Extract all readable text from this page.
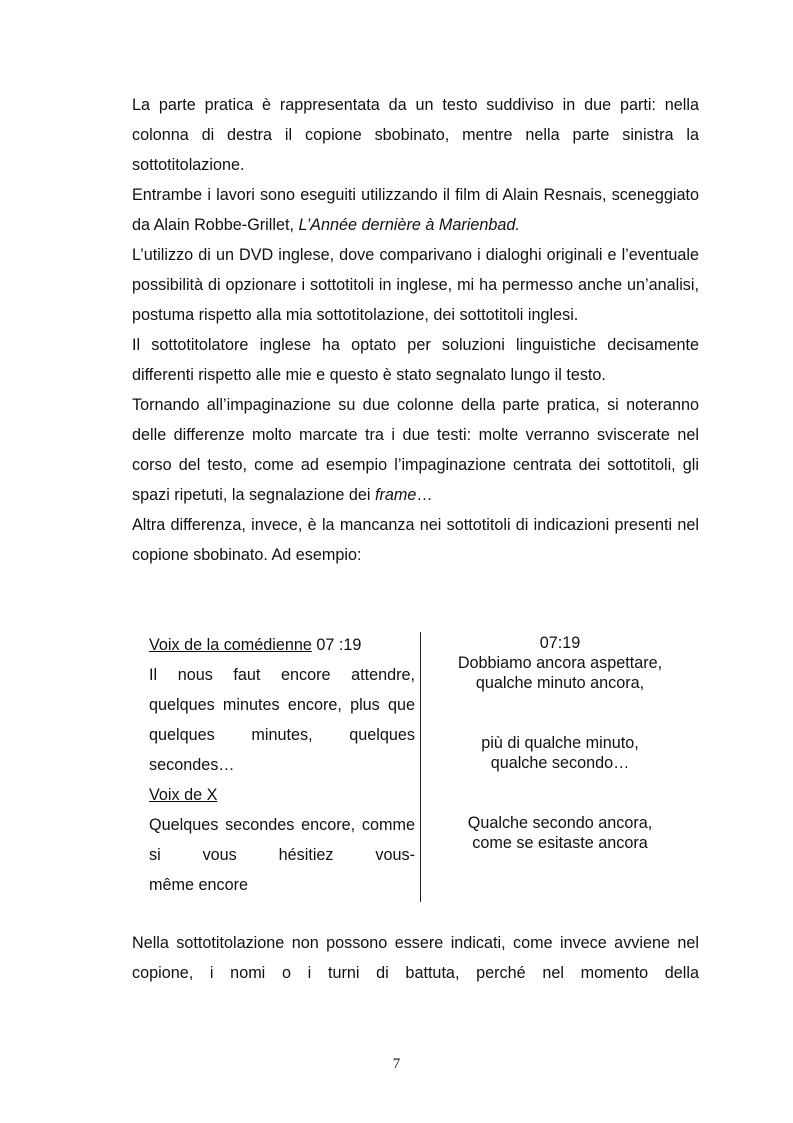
La parte pratica è rappresentata da un testo suddiviso in due parti: nella colonna di destra il copione sbobinato, mentre nella parte sinistra la sottotitolazione.

Entrambe i lavori sono eseguiti utilizzando il film di Alain Resnais, sceneggiato da Alain Robbe-Grillet, L’Année dernière à Marienbad.

L’utilizzo di un DVD inglese, dove comparivano i dialoghi originali e l’eventuale possibilità di opzionare i sottotitoli in inglese, mi ha permesso anche un’analisi, postuma rispetto alla mia sottotitolazione, dei sottotitoli inglesi.

Il sottotitolatore inglese ha optato per soluzioni linguistiche decisamente differenti rispetto alle mie e questo è stato segnalato lungo il testo.

Tornando all’impaginazione su due colonne della parte pratica, si noteranno delle differenze molto marcate tra i due testi: molte verranno sviscerate nel corso del testo, come ad esempio l’impaginazione centrata dei sottotitoli, gli spazi ripetuti, la segnalazione dei frame…

Altra differenza, invece, è la mancanza nei sottotitoli di indicazioni presenti nel copione sbobinato. Ad esempio:

Voix de la comédienne 07 :19

Il nous faut encore attendre, quelques minutes encore, plus que quelques minutes, quelques secondes…

Voix de X

Quelques secondes encore, comme si vous hésitiez vous-

même encore

07:19

Dobbiamo ancora aspettare,

qualche minuto ancora,

più di qualche minuto,

qualche secondo…

Qualche secondo ancora,

come se esitaste ancora

Nella sottotitolazione non possono essere indicati, come invece avviene nel copione, i nomi o i turni di battuta, perché nel momento della

7
